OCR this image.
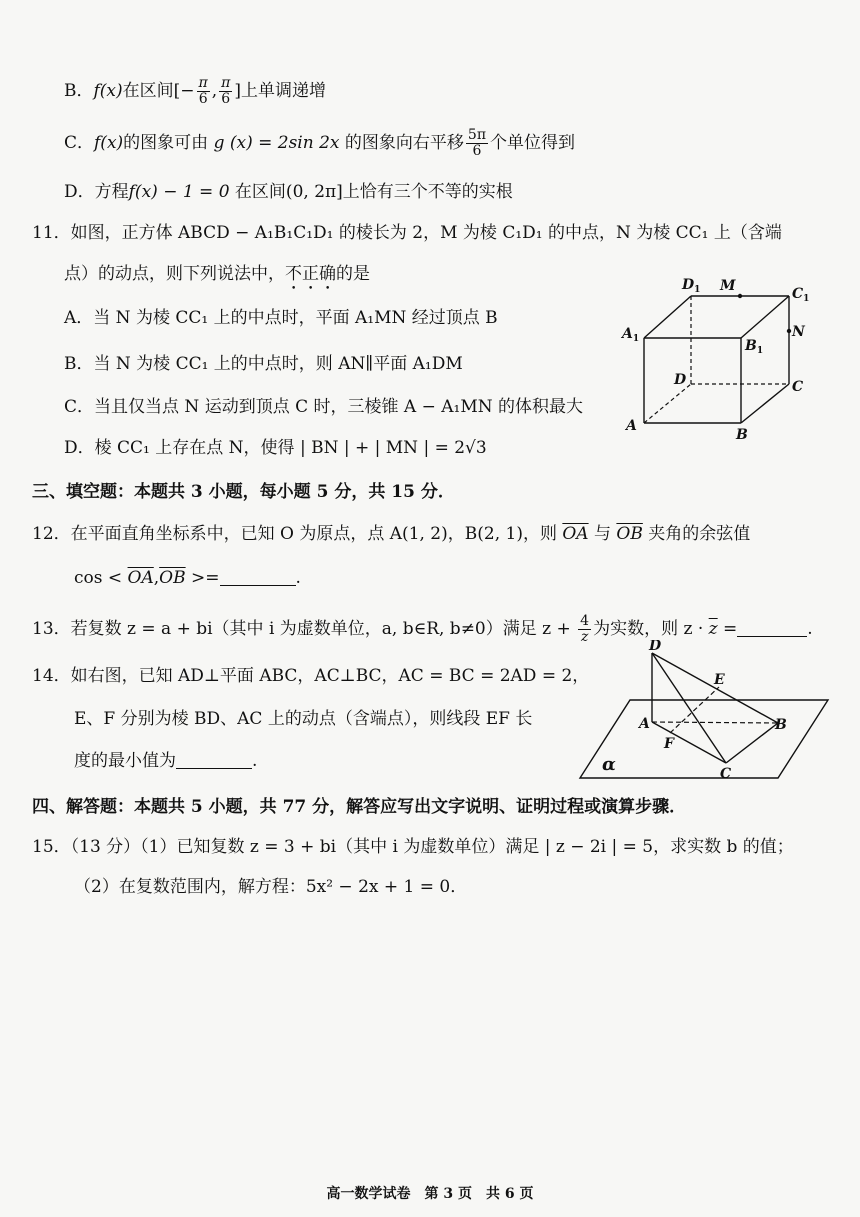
B．f(x)在区间[− $\frac{\pi}{6}$ , $\frac{\pi}{6}$ ]上单调递增
C．f(x)的图象可由 g (x) = 2sin 2x 的图象向右平移 $\frac{5\pi}{6}$ 个单位得到
D．方程f(x) − 1 = 0 在区间(0, 2π]上恰有三个不等的实根
11．如图，正方体 ABCD − A₁B₁C₁D₁ 的棱长为 2，M 为棱 C₁D₁ 的中点，N 为棱 CC₁ 上（含端
点）的动点，则下列说法中，不正确的是
A．当 N 为棱 CC₁ 上的中点时，平面 A₁MN 经过顶点 B
B．当 N 为棱 CC₁ 上的中点时，则 AN∥平面 A₁DM
C．当且仅当点 N 运动到顶点 C 时，三棱锥 A − A₁MN 的体积最大
D．棱 CC₁ 上存在点 N，使得 | BN | + | MN | = 2√3
$D_1$ M	$C_1$
$A_1$	$B_1$
N
D	C
A
B
三、填空题：本题共 3 小题，每小题 5 分，共 15 分．
12．在平面直角坐标系中，已知 O 为原点，点 A(1, 2)，B(2, 1)，则 $\overline{OA}$ 与 $\overline{OB}$ 夹角的余弦值
$\cos < \overline{OA},\overline{OB}$ >=	.
13．若复数 z = a + bi（其中 i 为虚数单位，a, b∈R, b≠0）满足 $z + \frac{4}{z}$ 为实数，则 $z \cdot \overline{z}$ =	.
14．如右图，已知 AD⊥平面 ABC，AC⊥BC，AC = BC = 2AD = 2，
E、F 分别为棱 BD、AC 上的动点（含端点），则线段 EF 长
度的最小值为	.
D
E
A	B
F
C
α
四、解答题：本题共 5 小题，共 77 分，解答应写出文字说明、证明过程或演算步骤．
15．（13 分）（1）已知复数 z = 3 + bi（其中 i 为虚数单位）满足 | z − 2i | = 5，求实数 b 的值；
（2）在复数范围内，解方程：5x² − 2x + 1 = 0．
高一数学试卷　第 3 页　共 6 页
